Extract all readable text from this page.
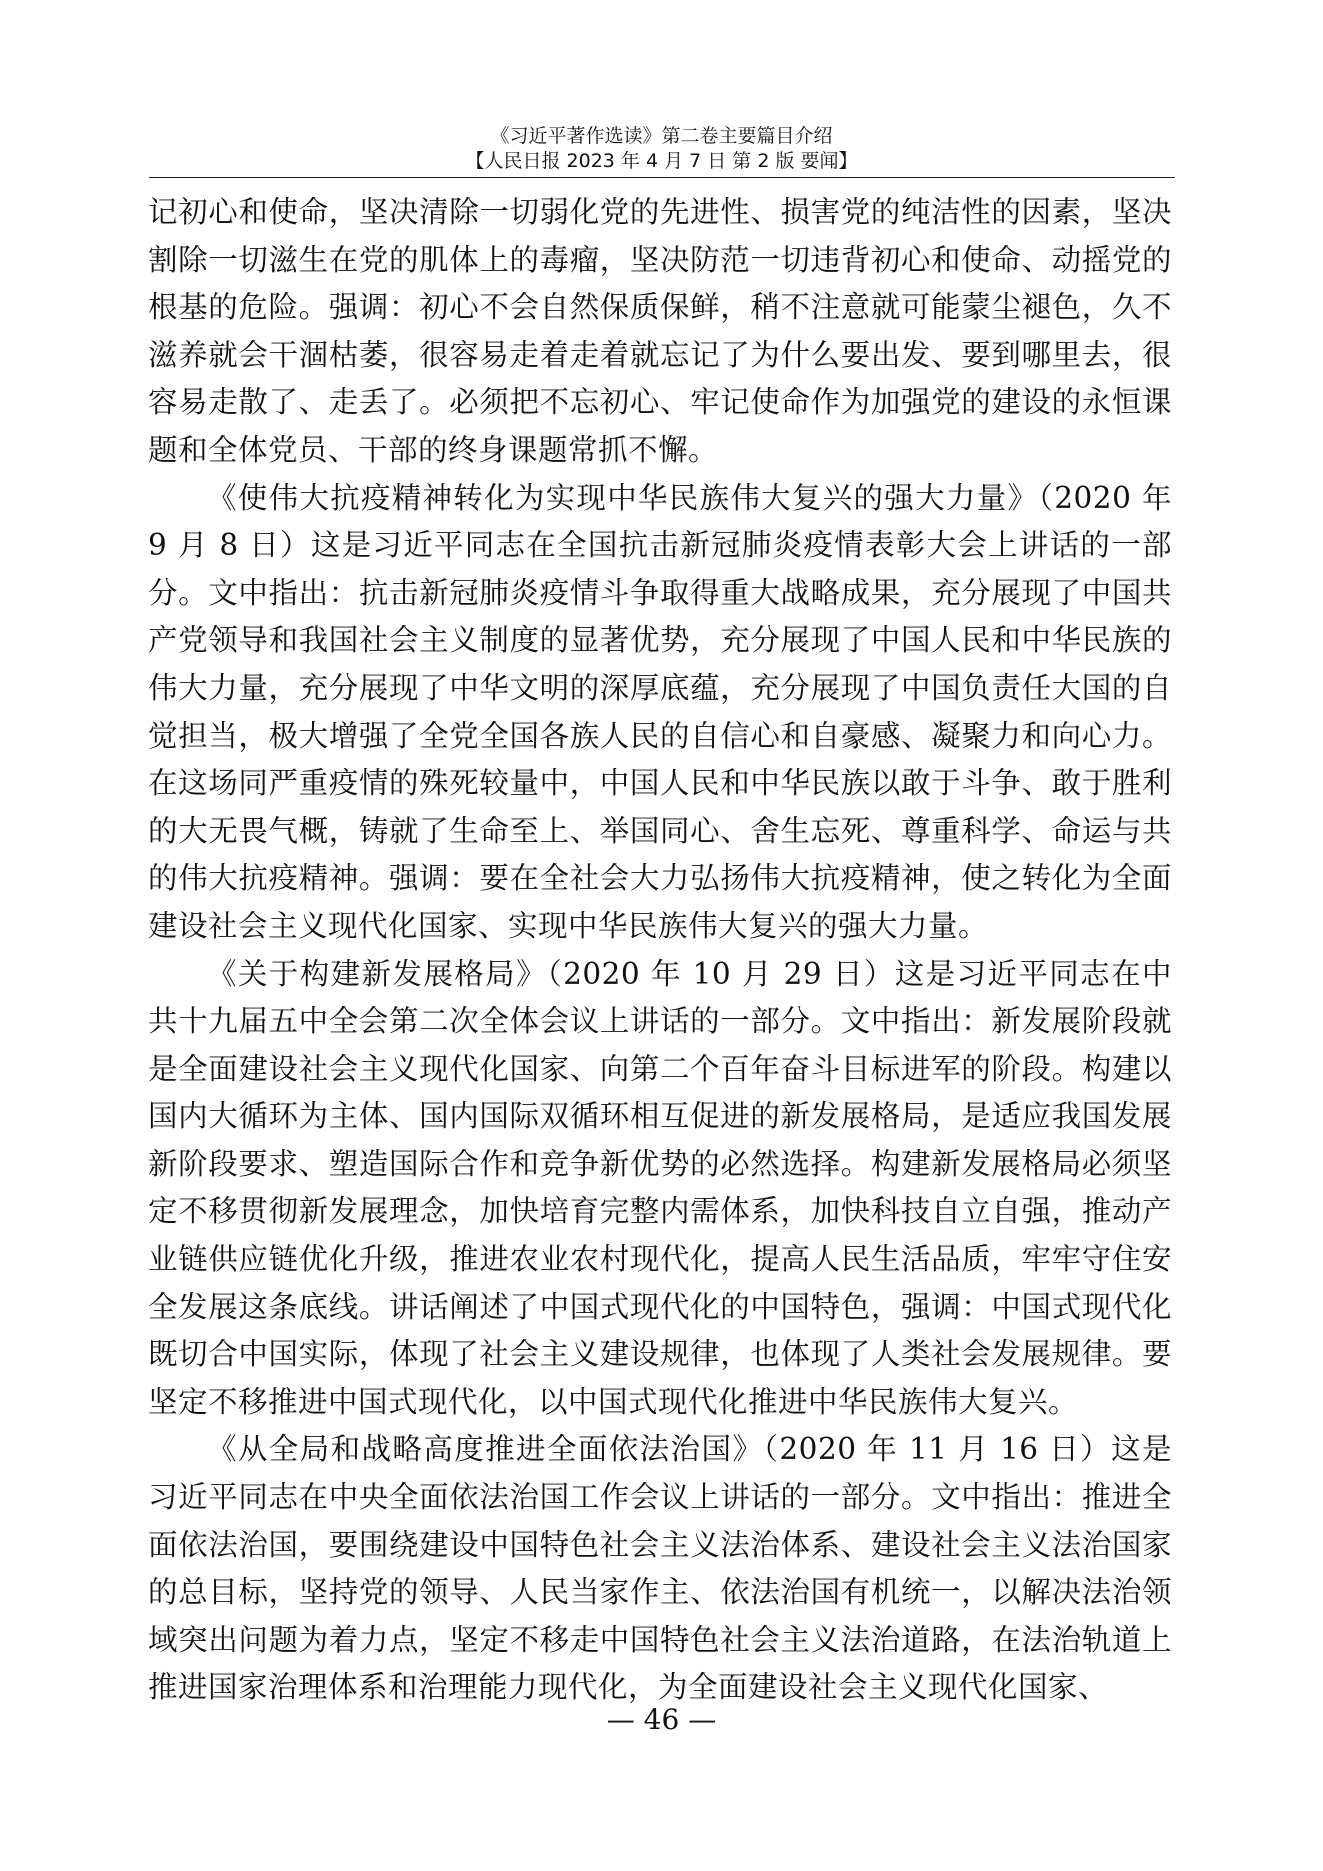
《习近平著作选读》第二卷主要篇目介绍
【人民日报 2023 年 4 月 7 日 第 2 版 要闻】

记初心和使命，坚决清除一切弱化党的先进性、损害党的纯洁性的因素，坚决割除一切滋生在党的肌体上的毒瘤，坚决防范一切违背初心和使命、动摇党的根基的危险。强调：初心不会自然保质保鲜，稍不注意就可能蒙尘褪色，久不滋养就会干涸枯萎，很容易走着走着就忘记了为什么要出发、要到哪里去，很容易走散了、走丢了。必须把不忘初心、牢记使命作为加强党的建设的永恒课题和全体党员、干部的终身课题常抓不懈。

《使伟大抗疫精神转化为实现中华民族伟大复兴的强大力量》（2020 年 9 月 8 日）这是习近平同志在全国抗击新冠肺炎疫情表彰大会上讲话的一部分。文中指出：抗击新冠肺炎疫情斗争取得重大战略成果，充分展现了中国共产党领导和我国社会主义制度的显著优势，充分展现了中国人民和中华民族的伟大力量，充分展现了中华文明的深厚底蕴，充分展现了中国负责任大国的自觉担当，极大增强了全党全国各族人民的自信心和自豪感、凝聚力和向心力。在这场同严重疫情的殊死较量中，中国人民和中华民族以敢于斗争、敢于胜利的大无畏气概，铸就了生命至上、举国同心、舍生忘死、尊重科学、命运与共的伟大抗疫精神。强调：要在全社会大力弘扬伟大抗疫精神，使之转化为全面建设社会主义现代化国家、实现中华民族伟大复兴的强大力量。

《关于构建新发展格局》（2020 年 10 月 29 日）这是习近平同志在中共十九届五中全会第二次全体会议上讲话的一部分。文中指出：新发展阶段就是全面建设社会主义现代化国家、向第二个百年奋斗目标进军的阶段。构建以国内大循环为主体、国内国际双循环相互促进的新发展格局，是适应我国发展新阶段要求、塑造国际合作和竞争新优势的必然选择。构建新发展格局必须坚定不移贯彻新发展理念，加快培育完整内需体系，加快科技自立自强，推动产业链供应链优化升级，推进农业农村现代化，提高人民生活品质，牢牢守住安全发展这条底线。讲话阐述了中国式现代化的中国特色，强调：中国式现代化既切合中国实际，体现了社会主义建设规律，也体现了人类社会发展规律。要坚定不移推进中国式现代化，以中国式现代化推进中华民族伟大复兴。

《从全局和战略高度推进全面依法治国》（2020 年 11 月 16 日）这是习近平同志在中央全面依法治国工作会议上讲话的一部分。文中指出：推进全面依法治国，要围绕建设中国特色社会主义法治体系、建设社会主义法治国家的总目标，坚持党的领导、人民当家作主、依法治国有机统一，以解决法治领域突出问题为着力点，坚定不移走中国特色社会主义法治道路，在法治轨道上推进国家治理体系和治理能力现代化，为全面建设社会主义现代化国家、

— 46 —
